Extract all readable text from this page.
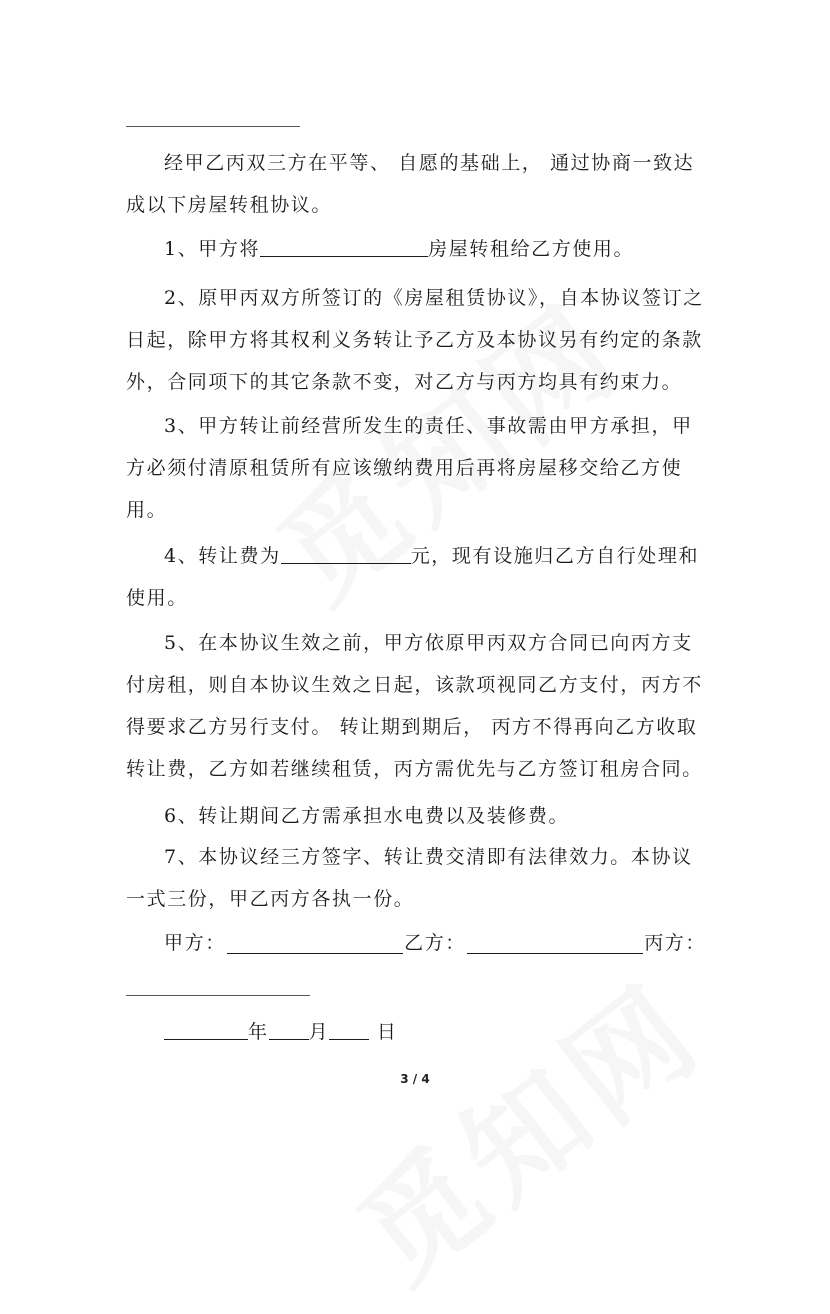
经甲乙丙双三方在平等、 自愿的基础上， 通过协商一致达成以下房屋转租协议。

1、甲方将	房屋转租给乙方使用。

2、原甲丙双方所签订的《房屋租赁协议》，自本协议签订之日起，除甲方将其权利义务转让予乙方及本协议另有约定的条款外，合同项下的其它条款不变，对乙方与丙方均具有约束力。

3、甲方转让前经营所发生的责任、事故需由甲方承担，甲方必须付清原租赁所有应该缴纳费用后再将房屋移交给乙方使用。

4、转让费为	元，现有设施归乙方自行处理和使用。

5、在本协议生效之前，甲方依原甲丙双方合同已向丙方支付房租，则自本协议生效之日起，该款项视同乙方支付，丙方不得要求乙方另行支付。 转让期到期后， 丙方不得再向乙方收取转让费，乙方如若继续租赁，丙方需优先与乙方签订租房合同。

6、转让期间乙方需承担水电费以及装修费。

7、本协议经三方签字、转让费交清即有法律效力。本协议一式三份，甲乙丙方各执一份。

甲方：	乙方：	丙方：
年 月	日
3 / 4
